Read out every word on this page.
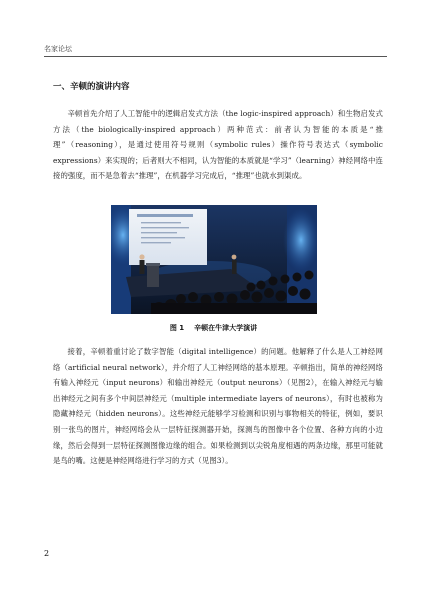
名家论坛
一、辛顿的演讲内容

辛顿首先介绍了人工智能中的逻辑启发式方法（the logic-inspired approach）和生物启发式方法（the biologically-inspired approach）两种范式：前者认为智能的本质是“推理”（reasoning），是通过使用符号规则（symbolic rules）操作符号表达式（symbolic expressions）来实现的；后者则大不相同，认为智能的本质就是“学习”（learning）神经网络中连接的强度，而不是急着去“推理”，在机器学习完成后，“推理”也就水到渠成。

图 1 辛顿在牛津大学演讲

接着，辛顿着重讨论了数字智能（digital intelligence）的问题。他解释了什么是人工神经网络（artificial neural network），并介绍了人工神经网络的基本原理。辛顿指出，简单的神经网络有输入神经元（input neurons）和输出神经元（output neurons）（见图2），在输入神经元与输出神经元之间有多个中间层神经元（multiple intermediate layers of neurons），有时也被称为隐藏神经元（hidden neurons）。这些神经元能够学习检测和识别与事物相关的特征，例如，要识别一张鸟的图片，神经网络会从一层特征探测器开始，探测鸟的图像中各个位置、各种方向的小边缘，然后会得到一层特征探测图像边缘的组合。如果检测到以尖锐角度相遇的两条边缘，那里可能就是鸟的嘴。这便是神经网络进行学习的方式（见图3）。

2
